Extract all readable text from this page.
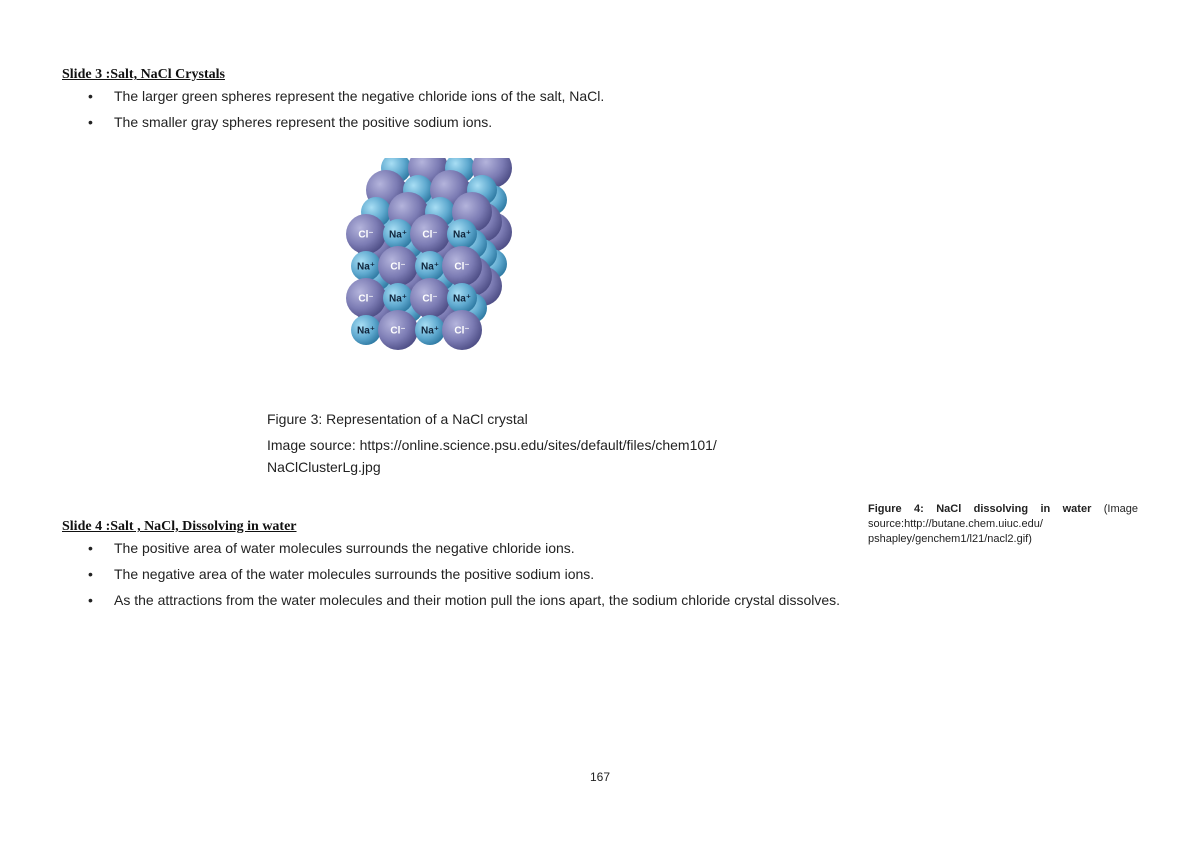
Slide 3 :Salt, NaCl Crystals
• The larger green spheres represent the negative chloride ions of the salt, NaCl.
• The smaller gray spheres represent the positive sodium ions.
Cl⁻ Na⁺ Cl⁻ Na⁺
Na⁺ Cl⁻ Na⁺ Cl⁻
Cl⁻ Na⁺ Cl⁻ Na⁺
Na⁺ Cl⁻ Na⁺ Cl⁻
Figure 3: Representation of a NaCl crystal
Image source: https://online.science.psu.edu/sites/default/files/chem101/
NaClClusterLg.jpg
Figure 4: NaCl dissolving in water (Image source:http://butane.chem.uiuc.edu/ pshapley/genchem1/l21/nacl2.gif)
Slide 4 :Salt , NaCl, Dissolving in water
• The positive area of water molecules surrounds the negative chloride ions.
• The negative area of the water molecules surrounds the positive sodium ions.
• As the attractions from the water molecules and their motion pull the ions apart, the sodium chloride crystal dissolves.
167
